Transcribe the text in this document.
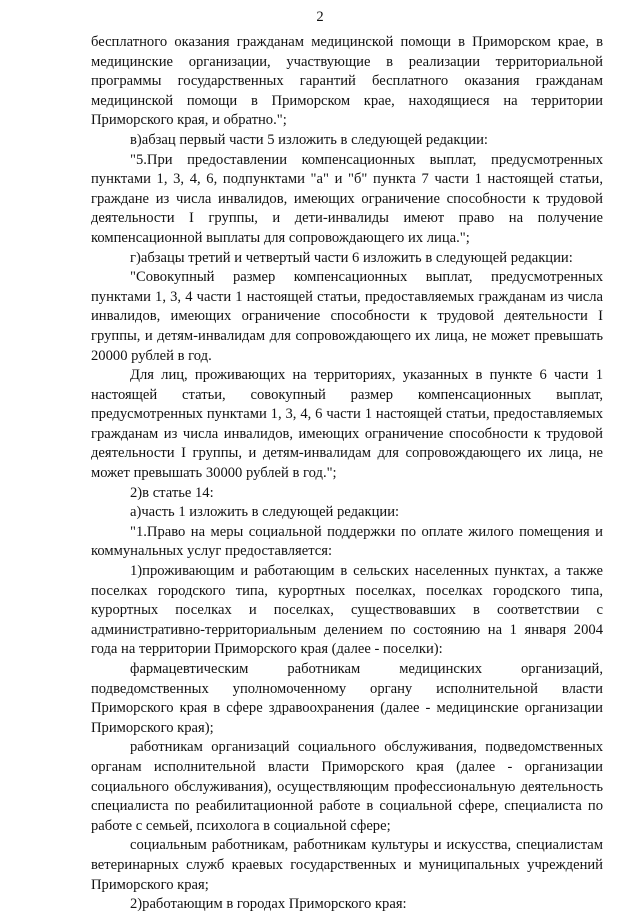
2

бесплатного оказания гражданам медицинской помощи в Приморском крае, в медицинские организации, участвующие в реализации территориальной программы государственных гарантий бесплатного оказания гражданам медицинской помощи в Приморском крае, находящиеся на территории Приморского края, и обратно.";

в)абзац первый части 5 изложить в следующей редакции:

"5.При предоставлении компенсационных выплат, предусмотренных пунктами 1, 3, 4, 6, подпунктами "а" и "б" пункта 7 части 1 настоящей статьи, граждане из числа инвалидов, имеющих ограничение способности к трудовой деятельности I группы, и дети-инвалиды имеют право на получение компенсационной выплаты для сопровождающего их лица.";

г)абзацы третий и четвертый части 6 изложить в следующей редакции:

"Совокупный размер компенсационных выплат, предусмотренных пунктами 1, 3, 4 части 1 настоящей статьи, предоставляемых гражданам из числа инвалидов, имеющих ограничение способности к трудовой деятельности I группы, и детям-инвалидам для сопровождающего их лица, не может превышать 20000 рублей в год.

Для лиц, проживающих на территориях, указанных в пункте 6 части 1 настоящей статьи, совокупный размер компенсационных выплат, предусмотренных пунктами 1, 3, 4, 6 части 1 настоящей статьи, предоставляемых гражданам из числа инвалидов, имеющих ограничение способности к трудовой деятельности I группы, и детям-инвалидам для сопровождающего их лица, не может превышать 30000 рублей в год.";

2)в статье 14:

а)часть 1 изложить в следующей редакции:

"1.Право на меры социальной поддержки по оплате жилого помещения и коммунальных услуг предоставляется:

1)проживающим и работающим в сельских населенных пунктах, а также поселках городского типа, курортных поселках, поселках городского типа, курортных поселках и поселках, существовавших в соответствии с административно-территориальным делением по состоянию на 1 января 2004 года на территории Приморского края (далее - поселки):

фармацевтическим работникам медицинских организаций, подведомственных уполномоченному органу исполнительной власти Приморского края в сфере здравоохранения (далее - медицинские организации Приморского края);

работникам организаций социального обслуживания, подведомственных органам исполнительной власти Приморского края (далее - организации социального обслуживания), осуществляющим профессиональную деятельность специалиста по реабилитационной работе в социальной сфере, специалиста по работе с семьей, психолога в социальной сфере;

социальным работникам, работникам культуры и искусства, специалистам ветеринарных служб краевых государственных и муниципальных учреждений Приморского края;

2)работающим в городах Приморского края:
